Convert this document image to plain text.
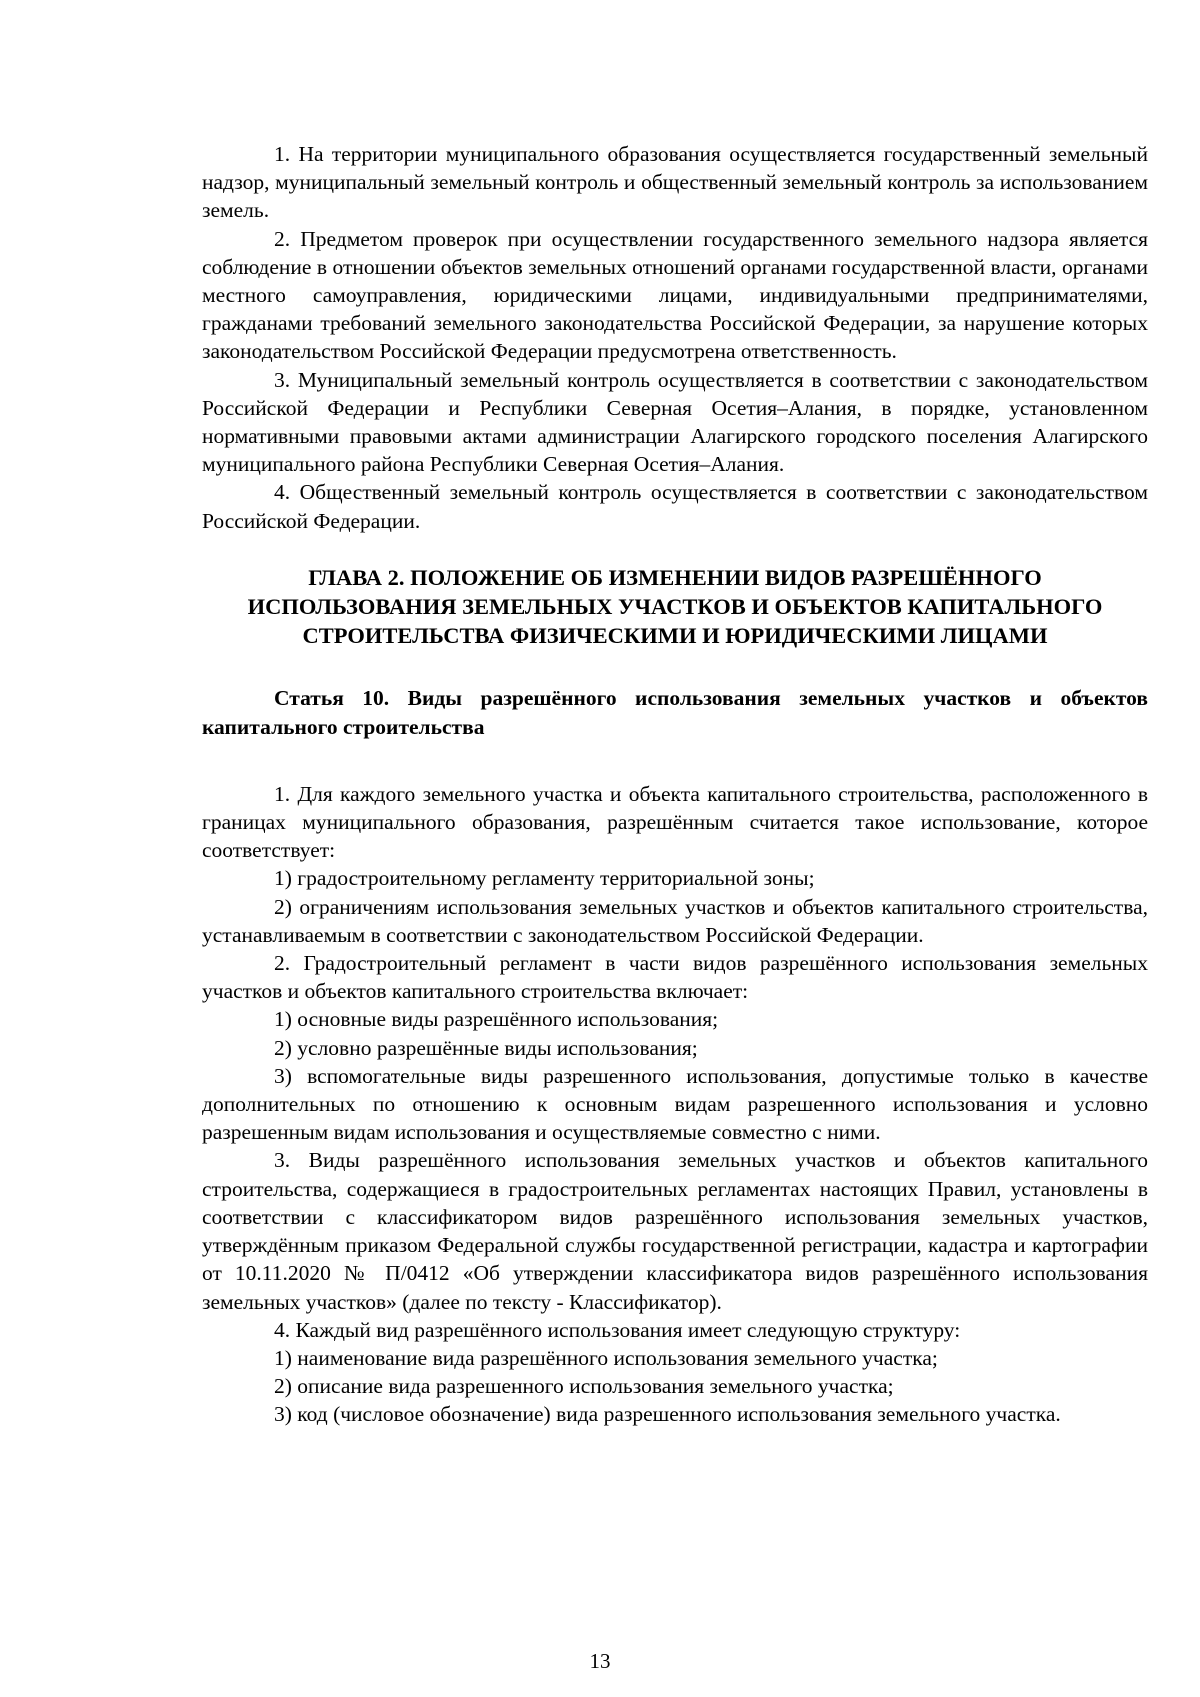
1. На территории муниципального образования осуществляется государственный земельный надзор, муниципальный земельный контроль и общественный земельный контроль за использованием земель.

2. Предметом проверок при осуществлении государственного земельного надзора является соблюдение в отношении объектов земельных отношений органами государственной власти, органами местного самоуправления, юридическими лицами, индивидуальными предпринимателями, гражданами требований земельного законодательства Российской Федерации, за нарушение которых законодательством Российской Федерации предусмотрена ответственность.

3. Муниципальный земельный контроль осуществляется в соответствии с законодательством Российской Федерации и Республики Северная Осетия–Алания, в порядке, установленном нормативными правовыми актами администрации Алагирского городского поселения Алагирского муниципального района Республики Северная Осетия–Алания.

4. Общественный земельный контроль осуществляется в соответствии с законодательством Российской Федерации.

ГЛАВА 2. ПОЛОЖЕНИЕ ОБ ИЗМЕНЕНИИ ВИДОВ РАЗРЕШЁННОГО ИСПОЛЬЗОВАНИЯ ЗЕМЕЛЬНЫХ УЧАСТКОВ И ОБЪЕКТОВ КАПИТАЛЬНОГО СТРОИТЕЛЬСТВА ФИЗИЧЕСКИМИ И ЮРИДИЧЕСКИМИ ЛИЦАМИ
Статья 10. Виды разрешённого использования земельных участков и объектов капитального строительства

1. Для каждого земельного участка и объекта капитального строительства, расположенного в границах муниципального образования, разрешённым считается такое использование, которое соответствует:

1) градостроительному регламенту территориальной зоны;

2) ограничениям использования земельных участков и объектов капитального строительства, устанавливаемым в соответствии с законодательством Российской Федерации.

2. Градостроительный регламент в части видов разрешённого использования земельных участков и объектов капитального строительства включает:

1) основные виды разрешённого использования;

2) условно разрешённые виды использования;

3) вспомогательные виды разрешенного использования, допустимые только в качестве дополнительных по отношению к основным видам разрешенного использования и условно разрешенным видам использования и осуществляемые совместно с ними.

3. Виды разрешённого использования земельных участков и объектов капитального строительства, содержащиеся в градостроительных регламентах настоящих Правил, установлены в соответствии с классификатором видов разрешённого использования земельных участков, утверждённым приказом Федеральной службы государственной регистрации, кадастра и картографии от 10.11.2020 № П/0412 «Об утверждении классификатора видов разрешённого использования земельных участков» (далее по тексту - Классификатор).

4. Каждый вид разрешённого использования имеет следующую структуру:

1) наименование вида разрешённого использования земельного участка;

2) описание вида разрешенного использования земельного участка;

3) код (числовое обозначение) вида разрешенного использования земельного участка.

13
